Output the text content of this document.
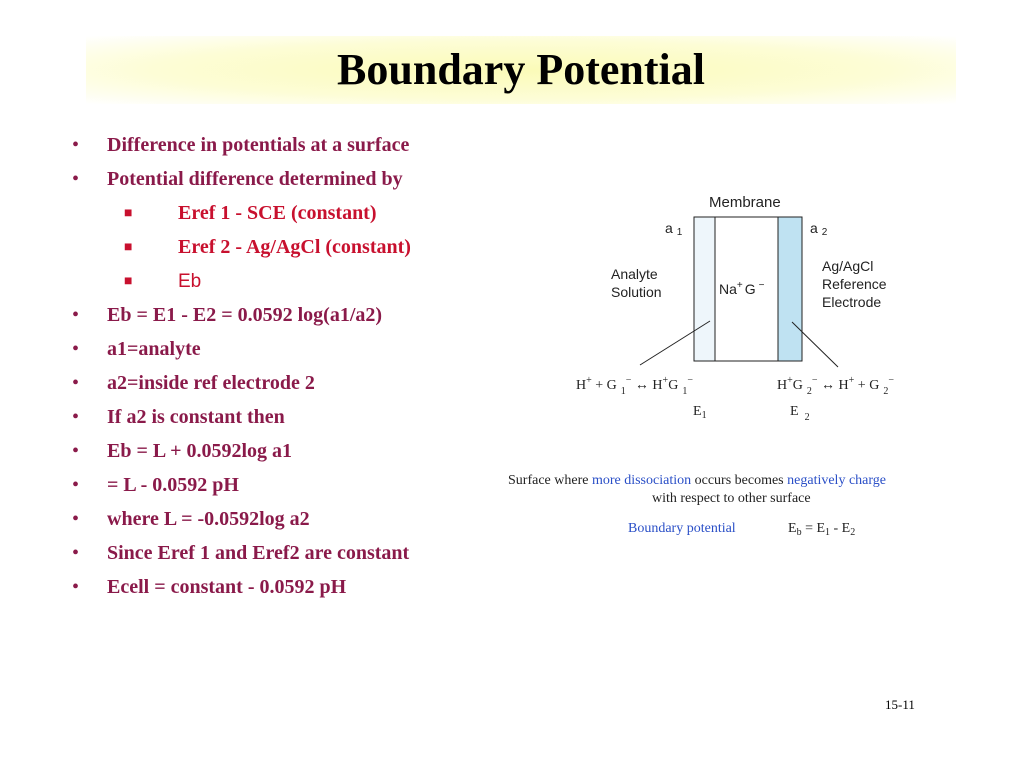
Boundary Potential
• Difference in potentials at a surface
• Potential difference determined by
■ Eref 1 - SCE (constant)
■ Eref 2 - Ag/AgCl (constant)
■ Eb
• Eb = E1 - E2 = 0.0592 log(a1/a2)
• a1=analyte
• a2=inside ref electrode 2
• If a2 is constant then
• Eb = L + 0.0592log a1
• = L - 0.0592 pH
• where L = -0.0592log a2
• Since Eref 1 and Eref2 are constant
• Ecell = constant - 0.0592 pH
Membrane
a 1	a 2
Na+ G −
Analyte
Solution
Ag/AgCl
Reference
Electrode
H+ + G $_1$− ↔ H+G $_1$−	H+G $_2$− ↔ H+ + G $_2$−
$E_1$	E $_2$
Surface where more dissociation occurs becomes negatively charge
with respect to other surface
Boundary potential	$E_b = E_1 - E_2$
15-11
